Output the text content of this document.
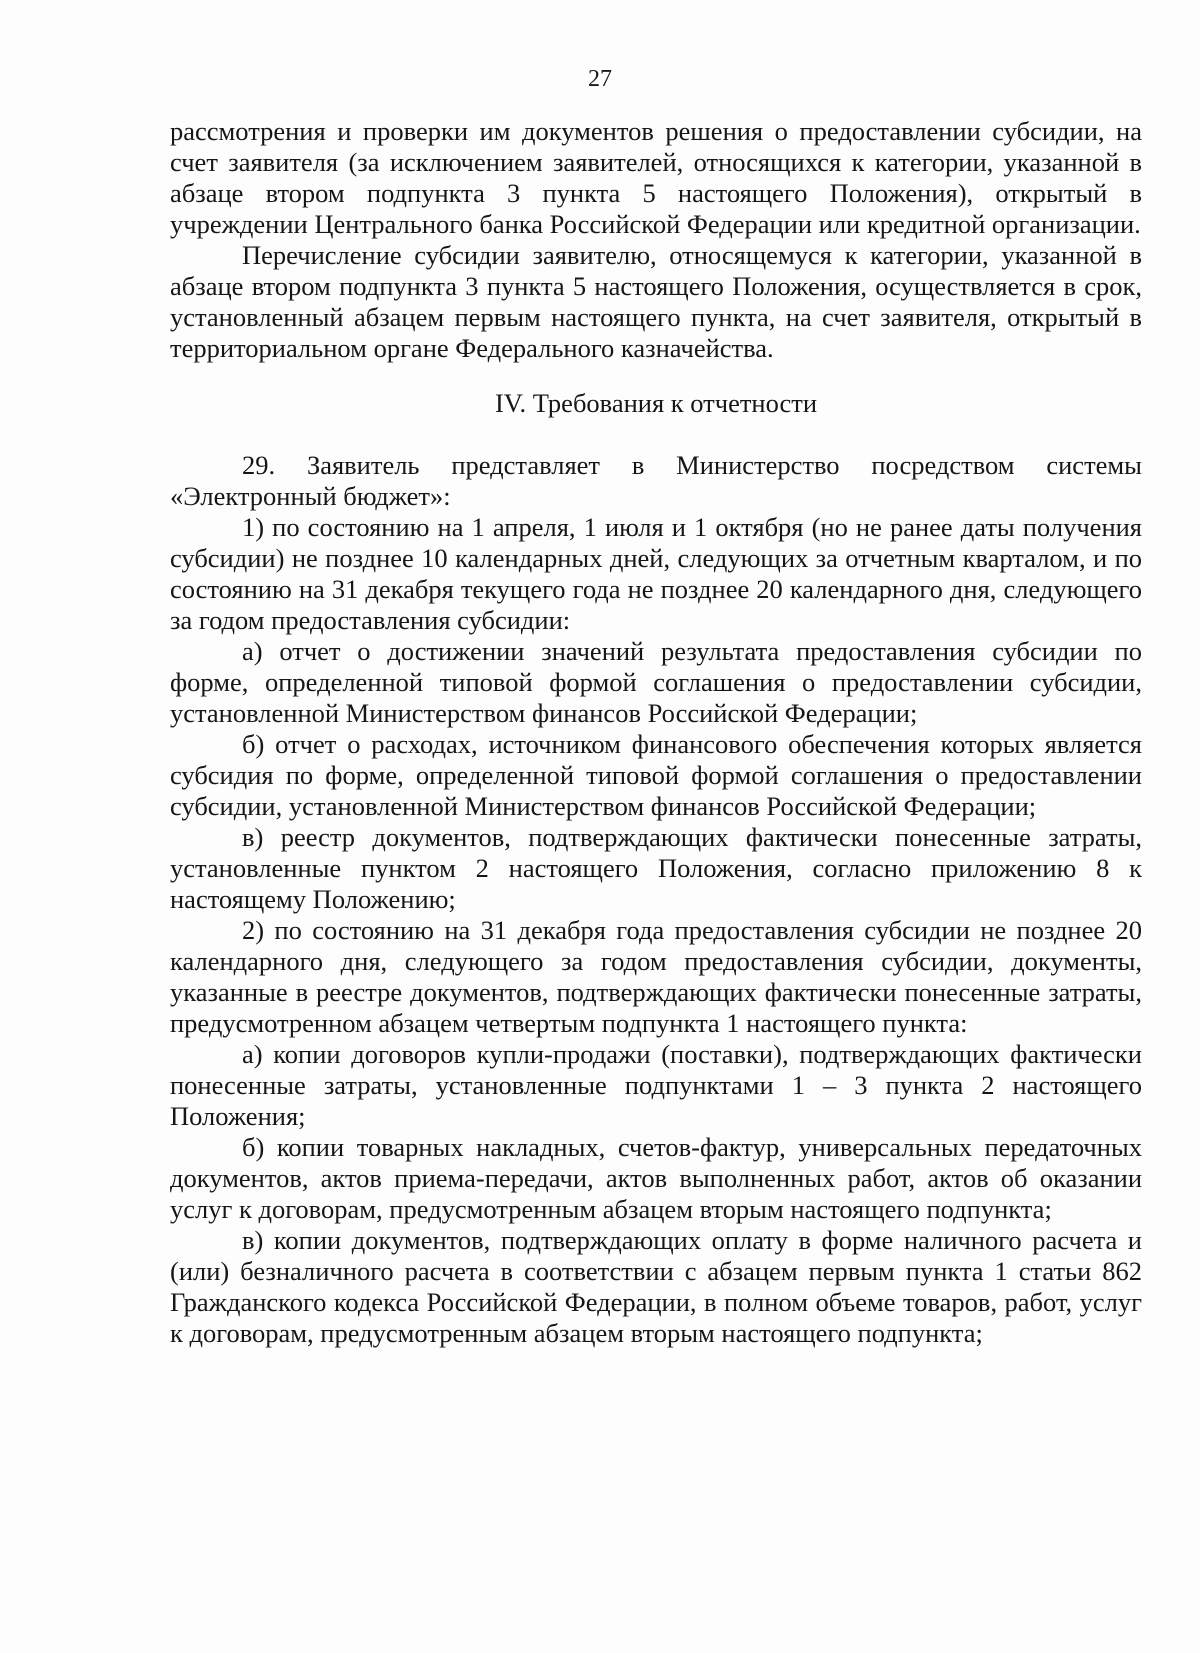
27

рассмотрения и проверки им документов решения о предоставлении субсидии, на счет заявителя (за исключением заявителей, относящихся к категории, указанной в абзаце втором подпункта 3 пункта 5 настоящего Положения), открытый в учреждении Центрального банка Российской Федерации или кредитной организации.

Перечисление субсидии заявителю, относящемуся к категории, указанной в абзаце втором подпункта 3 пункта 5 настоящего Положения, осуществляется в срок, установленный абзацем первым настоящего пункта, на счет заявителя, открытый в территориальном органе Федерального казначейства.

IV. Требования к отчетности

29. Заявитель представляет в Министерство посредством системы «Электронный бюджет»:

1) по состоянию на 1 апреля, 1 июля и 1 октября (но не ранее даты получения субсидии) не позднее 10 календарных дней, следующих за отчетным кварталом, и по состоянию на 31 декабря текущего года не позднее 20 календарного дня, следующего за годом предоставления субсидии:

а) отчет о достижении значений результата предоставления субсидии по форме, определенной типовой формой соглашения о предоставлении субсидии, установленной Министерством финансов Российской Федерации;

б) отчет о расходах, источником финансового обеспечения которых является субсидия по форме, определенной типовой формой соглашения о предоставлении субсидии, установленной Министерством финансов Российской Федерации;

в) реестр документов, подтверждающих фактически понесенные затраты, установленные пунктом 2 настоящего Положения, согласно приложению 8 к настоящему Положению;

2) по состоянию на 31 декабря года предоставления субсидии не позднее 20 календарного дня, следующего за годом предоставления субсидии, документы, указанные в реестре документов, подтверждающих фактически понесенные затраты, предусмотренном абзацем четвертым подпункта 1 настоящего пункта:

а) копии договоров купли-продажи (поставки), подтверждающих фактически понесенные затраты, установленные подпунктами 1 – 3 пункта 2 настоящего Положения;

б) копии товарных накладных, счетов-фактур, универсальных передаточных документов, актов приема-передачи, актов выполненных работ, актов об оказании услуг к договорам, предусмотренным абзацем вторым настоящего подпункта;

в) копии документов, подтверждающих оплату в форме наличного расчета и (или) безналичного расчета в соответствии с абзацем первым пункта 1 статьи 862 Гражданского кодекса Российской Федерации, в полном объеме товаров, работ, услуг к договорам, предусмотренным абзацем вторым настоящего подпункта;
